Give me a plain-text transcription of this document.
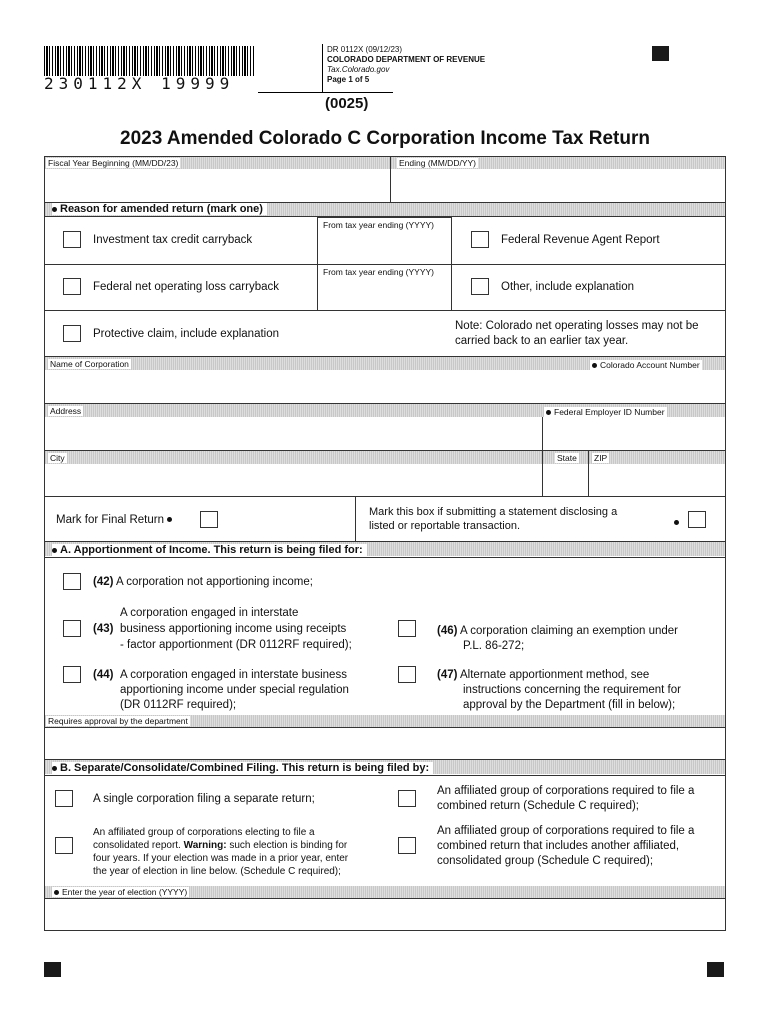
230112X 19999
DR 0112X (09/12/23)
COLORADO DEPARTMENT OF REVENUE
Tax.Colorado.gov
Page 1 of 5
(0025)
2023 Amended Colorado C Corporation Income Tax Return
Fiscal Year Beginning (MM/DD/23)	Ending (MM/DD/YY)
Reason for amended return (mark one)
Investment tax credit carryback
From tax year ending (YYYY)
Federal Revenue Agent Report
Federal net operating loss carryback
From tax year ending (YYYY)
Other, include explanation
Protective claim, include explanation
Note: Colorado net operating losses may not be carried back to an earlier tax year.
Name of Corporation	Colorado Account Number
Address	Federal Employer ID Number
City	State ZIP
Mark for Final Return
Mark this box if submitting a statement disclosing a listed or reportable transaction.
A. Apportionment of Income. This return is being filed for:
(42) A corporation not apportioning income;
(43)
A corporation engaged in interstate
business apportioning income using receipts
- factor apportionment (DR 0112RF required);
(46) A corporation claiming an exemption under
P.L. 86-272;
(44) A corporation engaged in interstate business
apportioning income under special regulation
(DR 0112RF required);
(47) Alternate apportionment method, see
instructions concerning the requirement for
approval by the Department (fill in below);
Requires approval by the department
B. Separate/Consolidate/Combined Filing. This return is being filed by:
A single corporation filing a separate return;
An affiliated group of corporations required to file a combined return (Schedule C required);
An affiliated group of corporations electing to file a
consolidated report. Warning: such election is binding for
four years. If your election was made in a prior year, enter
the year of election in line below. (Schedule C required);
An affiliated group of corporations required to file a combined return that includes another affiliated, consolidated group (Schedule C required);
Enter the year of election (YYYY)
